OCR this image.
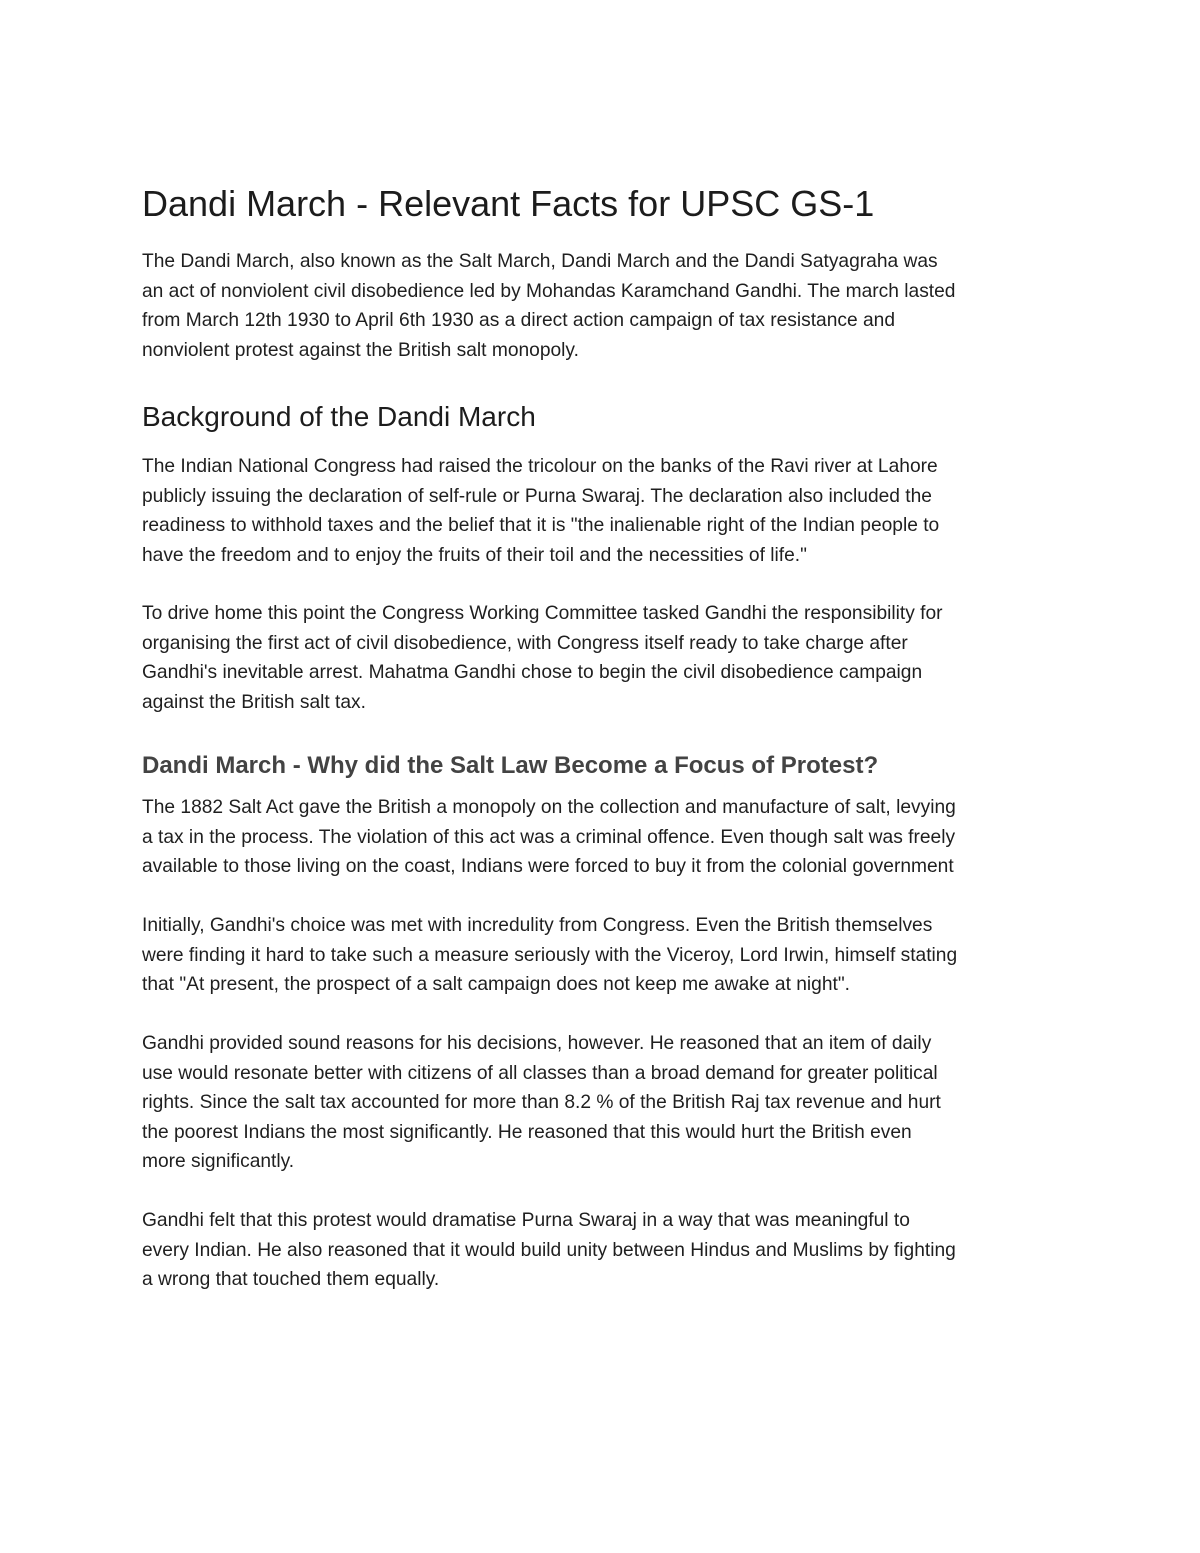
Dandi March - Relevant Facts for UPSC GS-1

The Dandi March, also known as the Salt March, Dandi March and the Dandi Satyagraha was
an act of nonviolent civil disobedience led by Mohandas Karamchand Gandhi. The march lasted
from March 12th 1930 to April 6th 1930 as a direct action campaign of tax resistance and
nonviolent protest against the British salt monopoly.

Background of the Dandi March

The Indian National Congress had raised the tricolour on the banks of the Ravi river at Lahore
publicly issuing the declaration of self-rule or Purna Swaraj. The declaration also included the
readiness to withhold taxes and the belief that it is "the inalienable right of the Indian people to
have the freedom and to enjoy the fruits of their toil and the necessities of life."

To drive home this point the Congress Working Committee tasked Gandhi the responsibility for
organising the first act of civil disobedience, with Congress itself ready to take charge after
Gandhi's inevitable arrest. Mahatma Gandhi chose to begin the civil disobedience campaign
against the British salt tax.

Dandi March - Why did the Salt Law Become a Focus of Protest?

The 1882 Salt Act gave the British a monopoly on the collection and manufacture of salt, levying
a tax in the process. The violation of this act was a criminal offence. Even though salt was freely
available to those living on the coast, Indians were forced to buy it from the colonial government

Initially, Gandhi's choice was met with incredulity from Congress. Even the British themselves
were finding it hard to take such a measure seriously with the Viceroy, Lord Irwin, himself stating
that "At present, the prospect of a salt campaign does not keep me awake at night".

Gandhi provided sound reasons for his decisions, however. He reasoned that an item of daily
use would resonate better with citizens of all classes than a broad demand for greater political
rights. Since the salt tax accounted for more than 8.2 % of the British Raj tax revenue and hurt
the poorest Indians the most significantly. He reasoned that this would hurt the British even
more significantly.

Gandhi felt that this protest would dramatise Purna Swaraj in a way that was meaningful to
every Indian. He also reasoned that it would build unity between Hindus and Muslims by fighting
a wrong that touched them equally.
